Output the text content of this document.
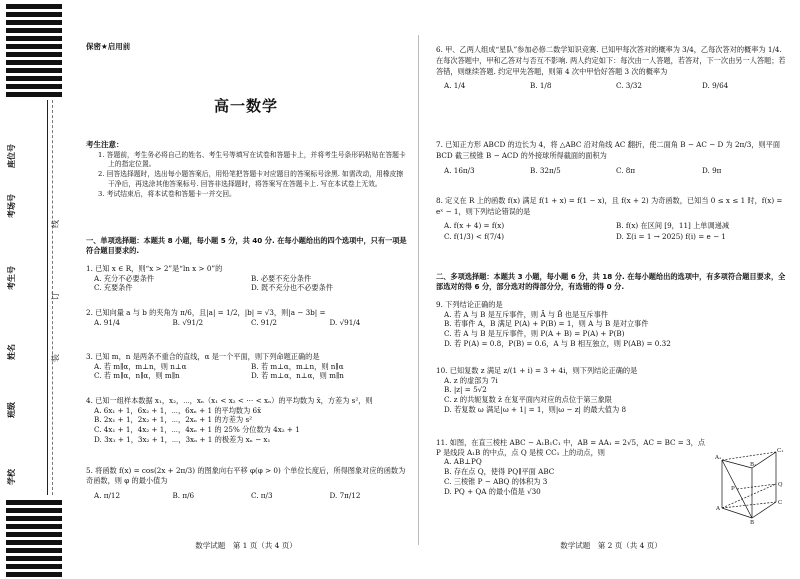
座位号
考场号
考生号
姓名
班级
学校
线
订
装
保密★启用前
高一数学
考生注意：
1. 答题前，考生务必将自己的姓名、考生号等填写在试卷和答题卡上，并将考生号条形码粘贴在答题卡上的指定位置。
2. 回答选择题时，选出每小题答案后，用铅笔把答题卡对应题目的答案标号涂黑. 如需改动，用橡皮擦干净后，再选涂其他答案标号. 回答非选择题时，将答案写在答题卡上. 写在本试卷上无效。
3. 考试结束后，将本试卷和答题卡一并交回。
一、单项选择题：本题共 8 小题，每小题 5 分，共 40 分. 在每小题给出的四个选项中，只有一项是符合题目要求的.
1. 已知 x ∈ R，则“x > 2”是“ln x > 0”的
A. 充分不必要条件	B. 必要不充分条件
C. 充要条件	D. 既不充分也不必要条件
2. 已知向量 a 与 b 的夹角为 π/6，且|a| = 1/2，|b| = √3，则|a − 3b| =
A. 91/4	B. √91/2	C. 91/2	D. √91/4
3. 已知 m，n 是两条不重合的直线，α 是一个平面，则下列命题正确的是
A. 若 m∥α，m⊥n，则 n⊥α	B. 若 m⊥α，m⊥n，则 n∥α
C. 若 m∥α，n∥α，则 m∥n	D. 若 m⊥α，n⊥α，则 m∥n
4. 已知一组样本数据 x₁，x₂，⋯，xₙ（x₁ < x₂ < ⋯ < xₙ）的平均数为 x̄，方差为 s²，则
A. 6x₁ + 1，6x₂ + 1，⋯，6xₙ + 1 的平均数为 6x̄
B. 2x₁ + 1，2x₂ + 1，⋯，2xₙ + 1 的方差为 s²
C. 4x₁ + 1，4x₂ + 1，⋯，4xₙ + 1 的 25% 分位数为 4x₂ + 1
D. 3x₁ + 1，3x₂ + 1，⋯，3xₙ + 1 的极差为 xₙ − x₁
5. 将函数 f(x) = cos(2x + 2π/3) 的图象向右平移 φ(φ > 0) 个单位长度后，所得图象对应的函数为奇函数，则 φ 的最小值为
A. π/12	B. π/6	C. π/3	D. 7π/12
数学试题　第 1 页（共 4 页）
6. 甲、乙两人组成“星队”参加必修二数学知识竞赛. 已知甲每次答对的概率为 3/4，乙每次答对的概率为 1/4. 在每次答题中，甲和乙答对与否互不影响. 两人约定如下：每次由一人答题，若答对，下一次由另一人答题；若答错，则继续答题. 约定甲先答题，则第 4 次中甲恰好答题 3 次的概率为
A. 1/4	B. 1/8	C. 3/32	D. 9/64
7. 已知正方形 ABCD 的边长为 4，将 △ABC 沿对角线 AC 翻折，使二面角 B − AC − D 为 2π/3，则平面 BCD 截三棱锥 B − ACD 的外接球所得截面的面积为
A. 16π/3	B. 32π/5	C. 8π	D. 9π
8. 定义在 R 上的函数 f(x) 满足 f(1 + x) = f(1 − x)，且 f(x + 2) 为奇函数，已知当 0 ≤ x ≤ 1 时，f(x) = eˣ − 1，则下列结论错误的是
A. f(x + 4) = f(x)	B. f(x) 在区间 [9，11] 上单调递减
C. f(1/3) < f(7/4)	D. Σ(i = 1 → 2025) f(i) = e − 1
二、多项选择题：本题共 3 小题，每小题 6 分，共 18 分. 在每小题给出的选项中，有多项符合题目要求，全部选对的得 6 分，部分选对的得部分分，有选错的得 0 分.
9. 下列结论正确的是
A. 若 A 与 B 是互斥事件，则 Ā 与 B̄ 也是互斥事件
B. 若事件 A，B 满足 P(A) + P(B) = 1，则 A 与 B 是对立事件
C. 若 A 与 B 是互斥事件，则 P(A + B) = P(A) + P(B)
D. 若 P(A) = 0.8，P(B) = 0.6，A 与 B 相互独立，则 P(AB) = 0.32
10. 已知复数 z 满足 z/(1 + i) = 3 + 4i，则下列结论正确的是
A. z 的虚部为 7i
B. |z| = 5√2
C. z 的共轭复数 z̄ 在复平面内对应的点位于第三象限
D. 若复数 ω 满足|ω + 1| = 1，则|ω − z| 的最大值为 8
11. 如图，在直三棱柱 ABC − A₁B₁C₁ 中，AB = AA₁ = 2√5，AC = BC = 3，点 P 是线段 A₁B 的中点，点 Q 是棱 CC₁ 上的动点，则
A. AB⊥PQ
B. 存在点 Q，使得 PQ∥平面 ABC
C. 三棱锥 P − ABQ 的体积为 3
D. PQ + QA 的最小值是 √30
A₁
B₁
C₁
P
Q
A
B
C
数学试题　第 2 页（共 4 页）
